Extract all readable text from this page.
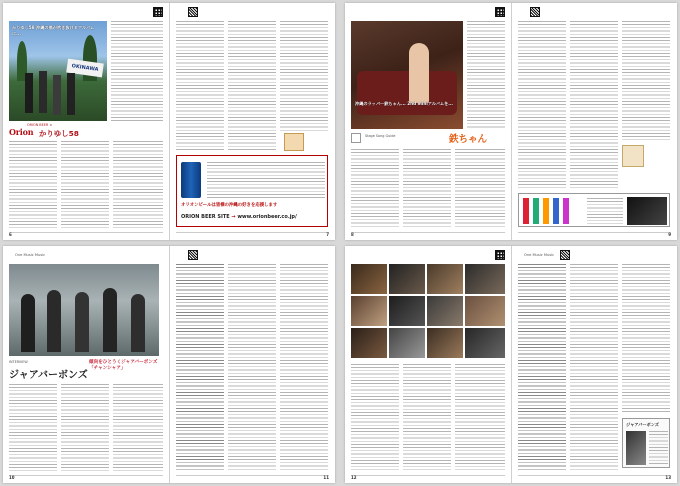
OKINAWA
かりゆし58 沖縄の風が吹き抜けるアルバムに...
ORION BEER ×
Orion かりゆし58
6
オリオンビールは皆様の沖縄の好きを応援します
ORION BEER SITE → www.orionbeer.co.jp/
7
沖縄のラッパー鉄ちゃん... 2nd miniアルバムを...
Stage Song Guide	鉄ちゃん
8	9
One Music Music
INTERVIEW
ジャアバーボンズ
傾向をひとうくジャアバーボンズ「チャンシャア」
10	11	12
One Music Music
ジャアバーボンズ
13
